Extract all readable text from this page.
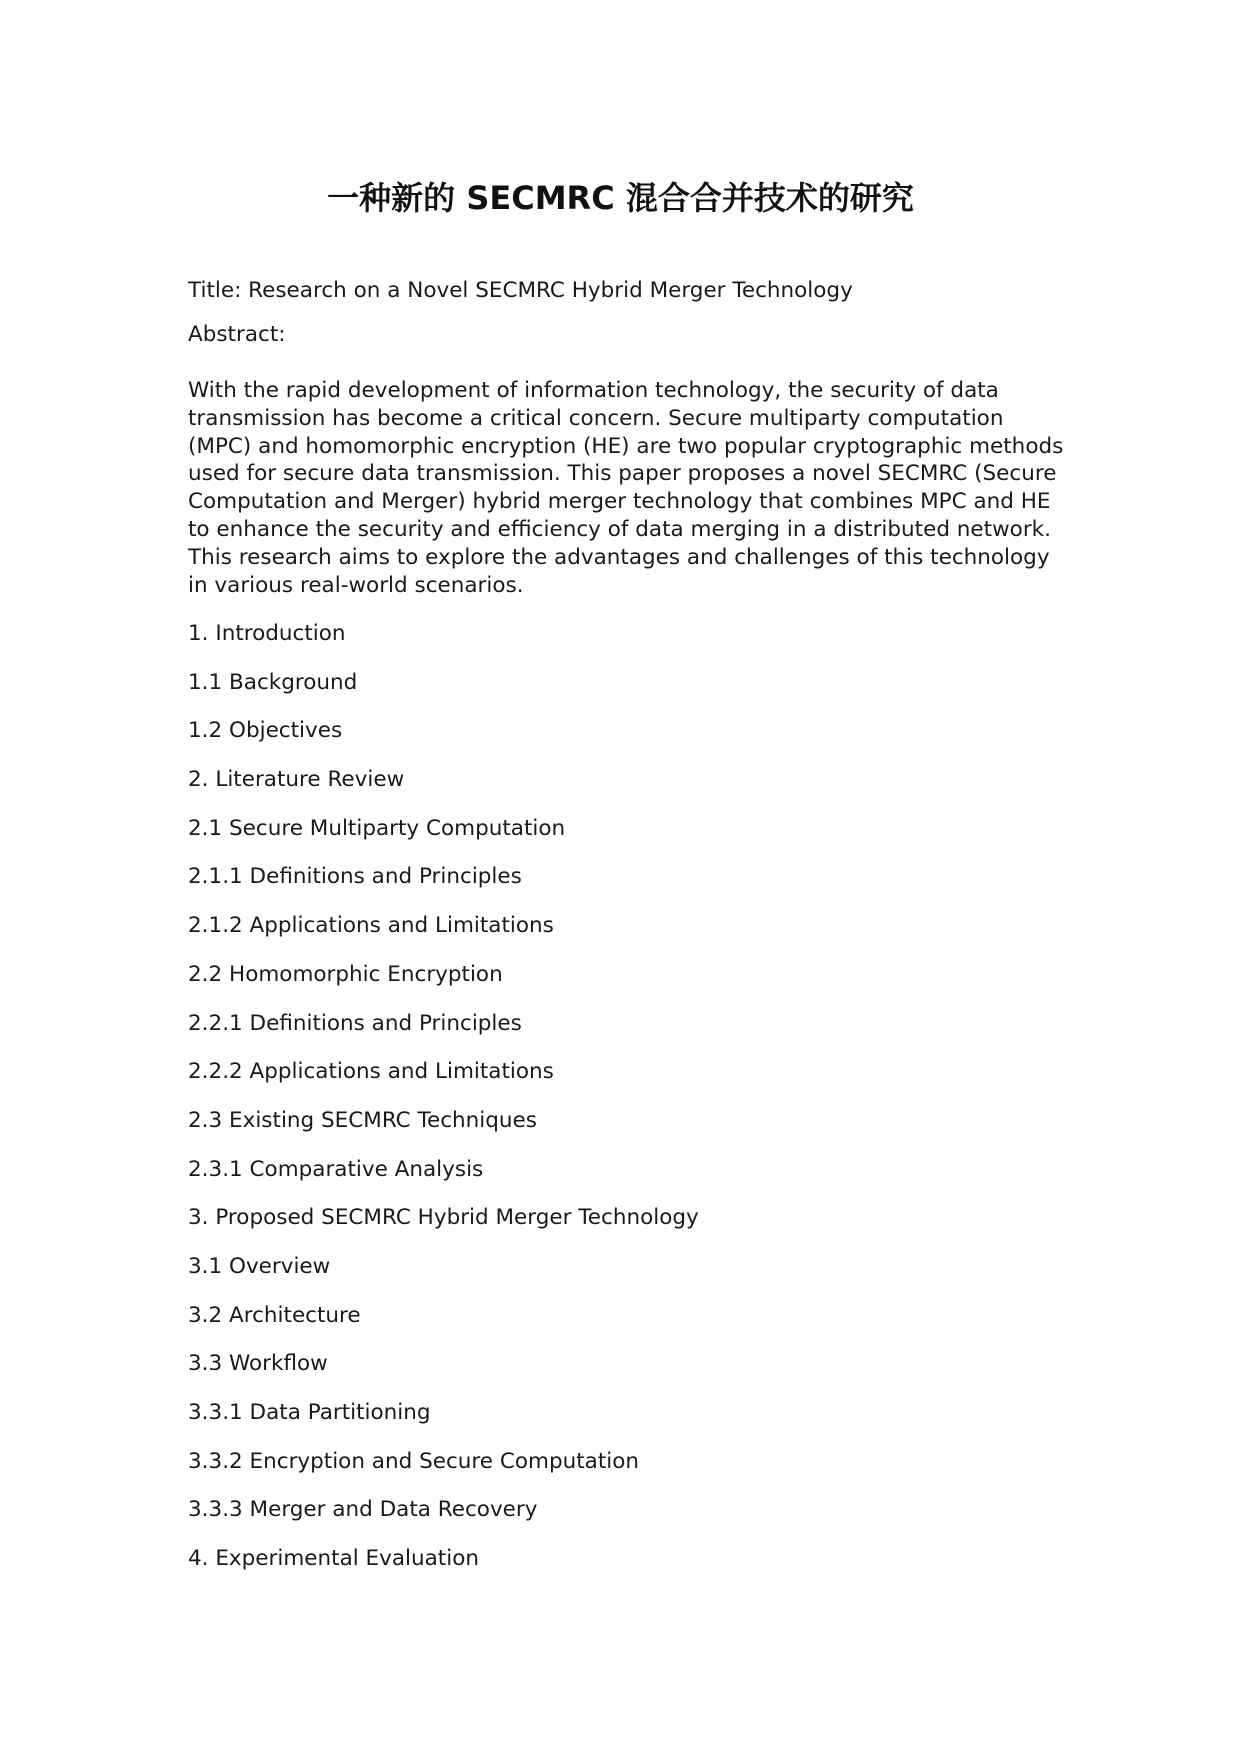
一种新的 SECMRC 混合合并技术的研究

Title: Research on a Novel SECMRC Hybrid Merger Technology

Abstract:

With the rapid development of information technology, the security of data transmission has become a critical concern. Secure multiparty computation (MPC) and homomorphic encryption (HE) are two popular cryptographic methods used for secure data transmission. This paper proposes a novel SECMRC (Secure Computation and Merger) hybrid merger technology that combines MPC and HE to enhance the security and efficiency of data merging in a distributed network. This research aims to explore the advantages and challenges of this technology in various real-world scenarios.

1. Introduction
1.1 Background
1.2 Objectives
2. Literature Review
2.1 Secure Multiparty Computation
2.1.1 Definitions and Principles
2.1.2 Applications and Limitations
2.2 Homomorphic Encryption
2.2.1 Definitions and Principles
2.2.2 Applications and Limitations
2.3 Existing SECMRC Techniques
2.3.1 Comparative Analysis
3. Proposed SECMRC Hybrid Merger Technology
3.1 Overview
3.2 Architecture
3.3 Workflow
3.3.1 Data Partitioning
3.3.2 Encryption and Secure Computation
3.3.3 Merger and Data Recovery
4. Experimental Evaluation
